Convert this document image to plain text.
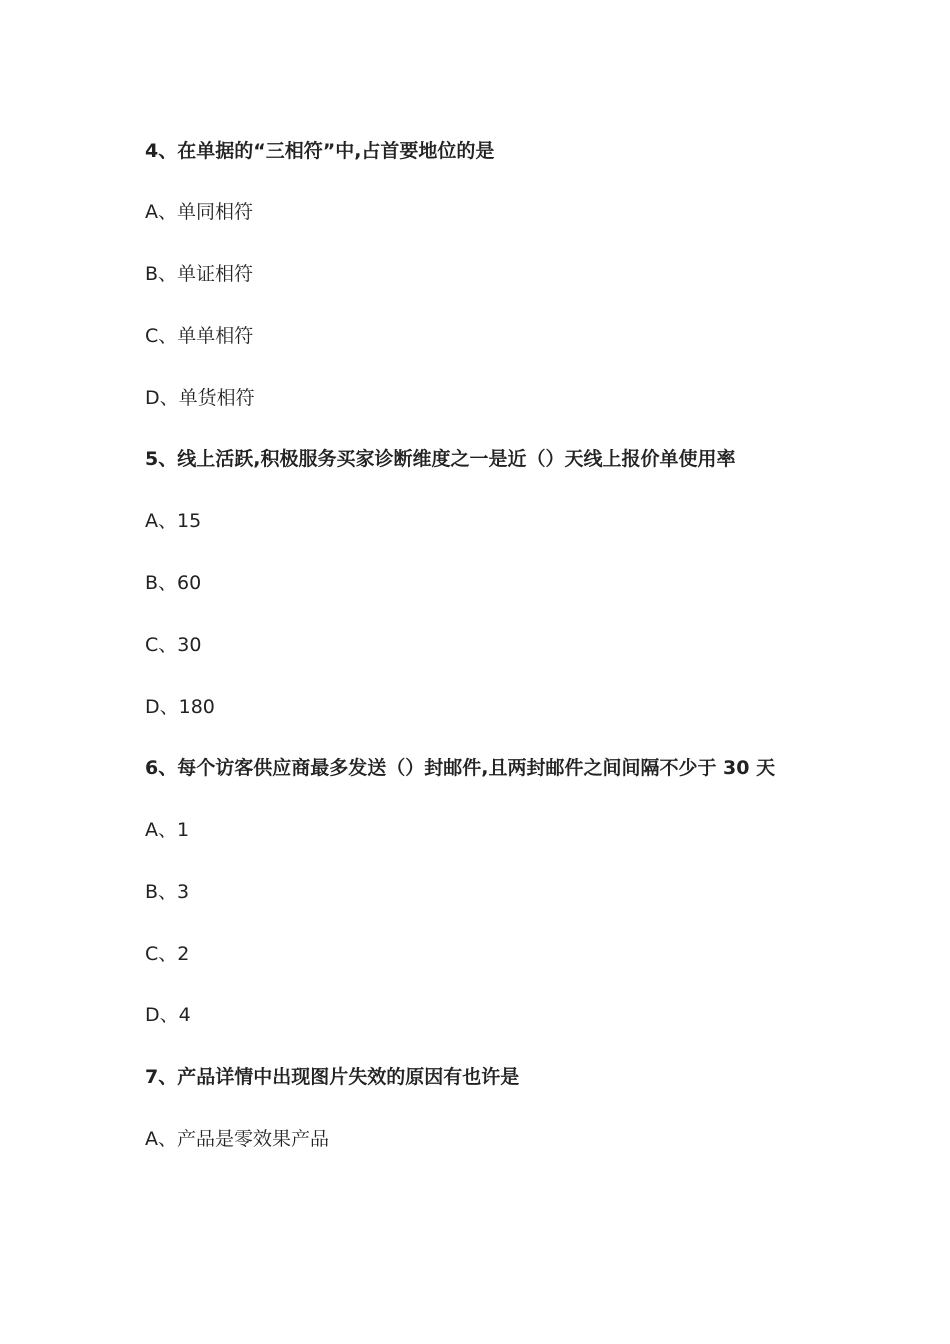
4、在单据的“三相符”中,占首要地位的是
A、单同相符
B、单证相符
C、单单相符
D、单货相符
5、线上活跃,积极服务买家诊断维度之一是近（）天线上报价单使用率
A、15
B、60
C、30
D、180
6、每个访客供应商最多发送（）封邮件,且两封邮件之间间隔不少于 30 天
A、1
B、3
C、2
D、4
7、产品详情中出现图片失效的原因有也许是
A、产品是零效果产品
